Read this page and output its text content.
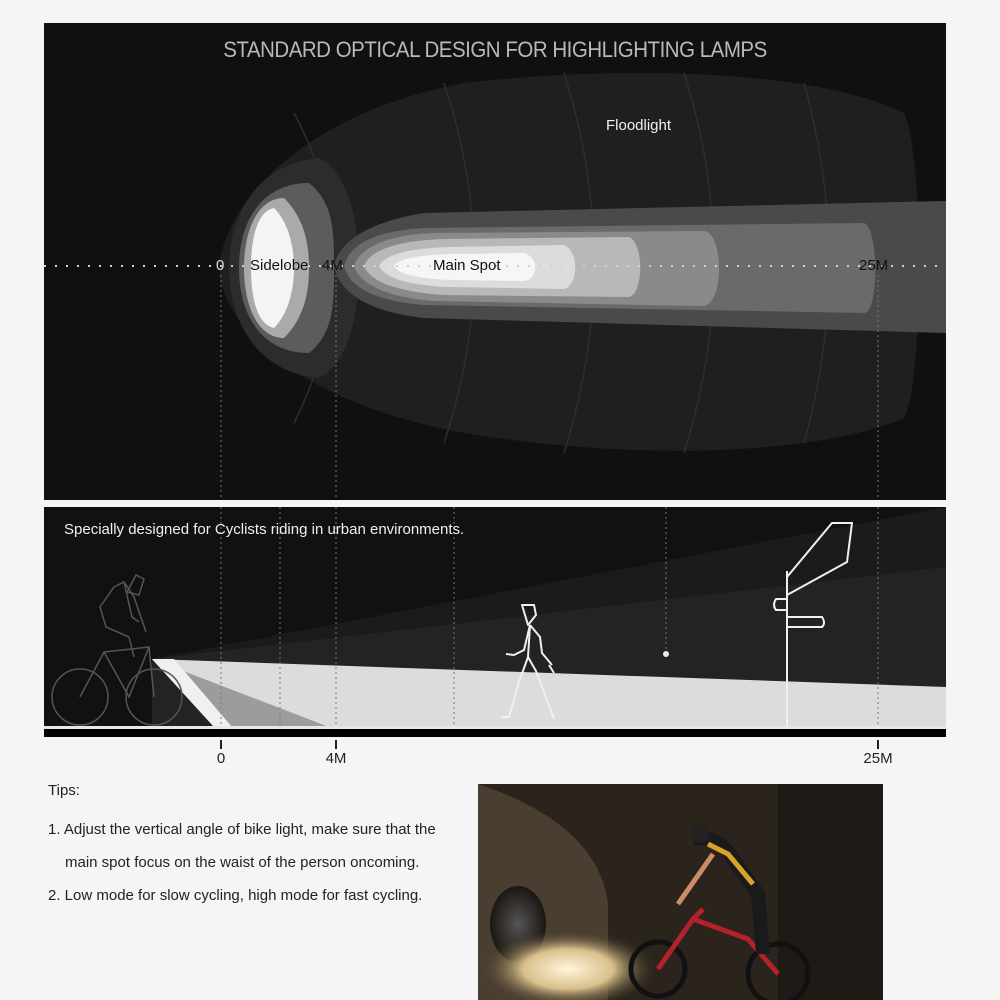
STANDARD OPTICAL DESIGN FOR HIGHLIGHTING LAMPS
Floodlight
0 Sidelobe 4M	Main Spot	25M
Specially designed for Cyclists riding in urban environments.
0	4M	25M
Tips:
1. Adjust the vertical angle of bike light, make sure that the main spot focus on the waist of the person oncoming.
2. Low mode for slow cycling, high mode for fast cycling.
